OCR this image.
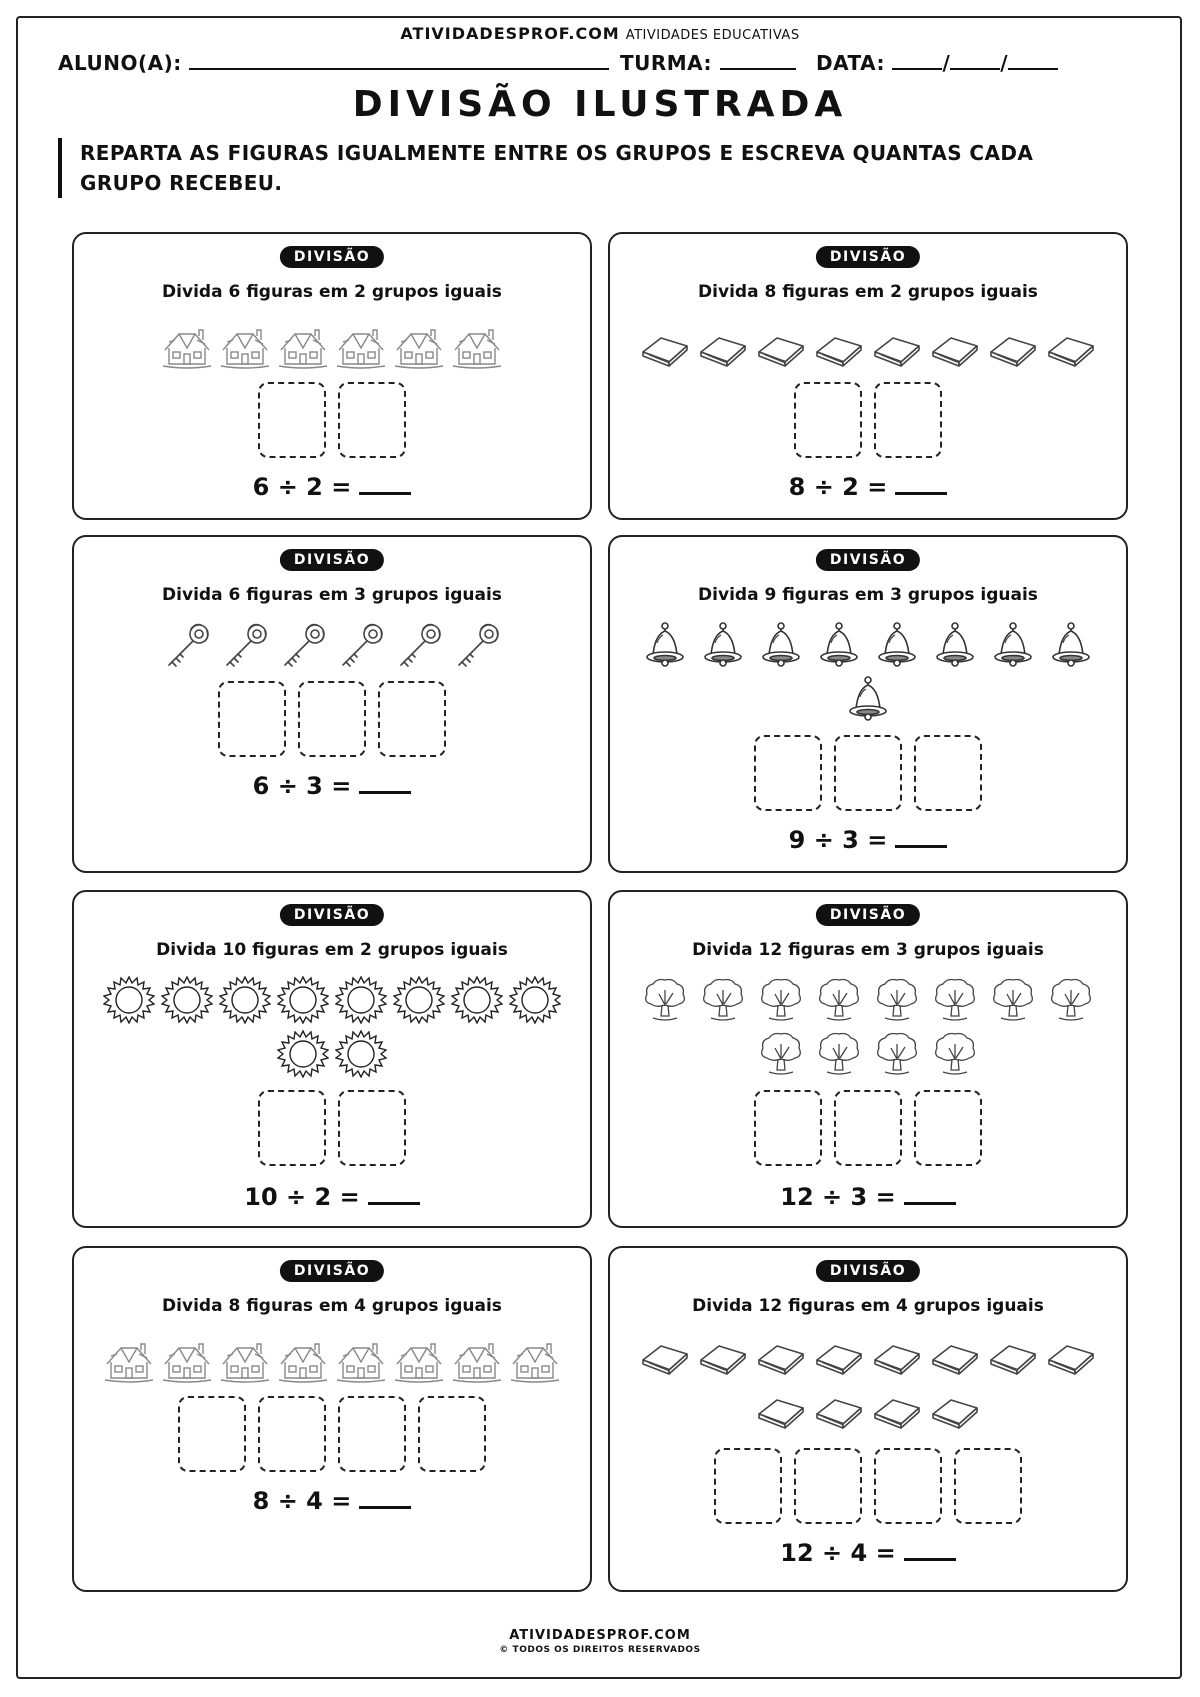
ATIVIDADESPROF.COM ATIVIDADES EDUCATIVAS
ALUNO(A):	TURMA:	DATA:	/	/
DIVISÃO ILUSTRADA
REPARTA AS FIGURAS IGUALMENTE ENTRE OS GRUPOS E ESCREVA QUANTAS CADA GRUPO RECEBEU.
DIVISÃO
Divida 6 figuras em 2 grupos iguais
6 ÷ 2 =
DIVISÃO
Divida 8 figuras em 2 grupos iguais
8 ÷ 2 =
DIVISÃO
Divida 6 figuras em 3 grupos iguais
6 ÷ 3 =
DIVISÃO
Divida 9 figuras em 3 grupos iguais
9 ÷ 3 =
DIVISÃO
Divida 10 figuras em 2 grupos iguais
10 ÷ 2 =
DIVISÃO
Divida 12 figuras em 3 grupos iguais
12 ÷ 3 =
DIVISÃO
Divida 8 figuras em 4 grupos iguais
8 ÷ 4 =
DIVISÃO
Divida 12 figuras em 4 grupos iguais
12 ÷ 4 =
ATIVIDADESPROF.COM
© TODOS OS DIREITOS RESERVADOS
